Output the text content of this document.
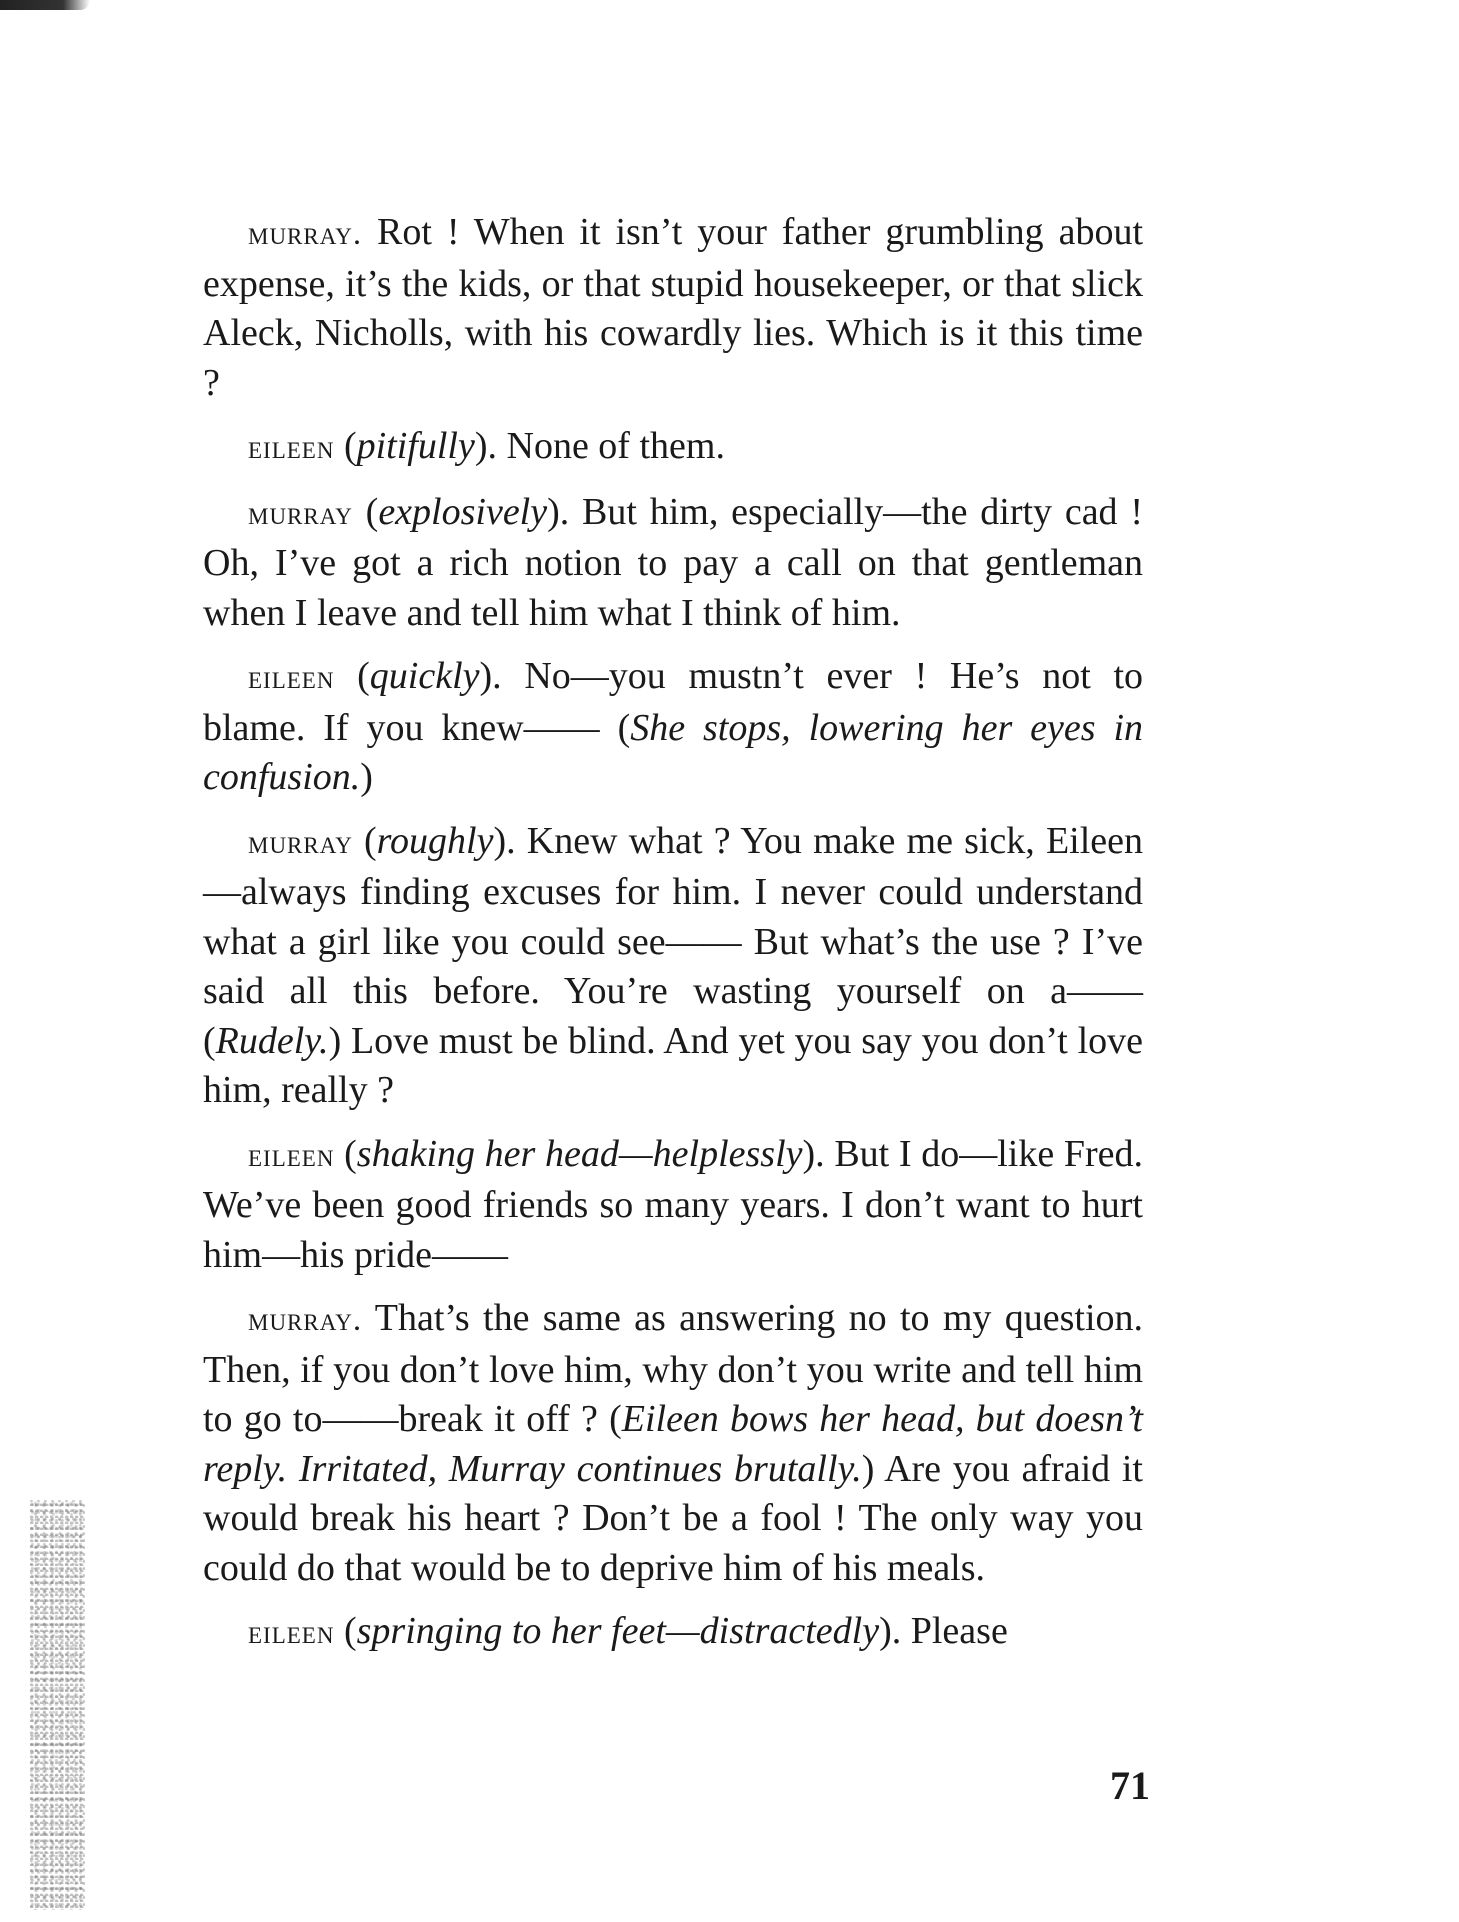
murray. Rot ! When it isn’t your father grumbling about expense, it’s the kids, or that stupid housekeeper, or that slick Aleck, Nicholls, with his cowardly lies. Which is it this time ?

eileen (pitifully). None of them.

murray (explosively). But him, especially—the dirty cad ! Oh, I’ve got a rich notion to pay a call on that gentleman when I leave and tell him what I think of him.

eileen (quickly). No—you mustn’t ever ! He’s not to blame. If you knew—— (She stops, lowering her eyes in confusion.)

murray (roughly). Knew what ? You make me sick, Eileen—always finding excuses for him. I never could understand what a girl like you could see—— But what’s the use ? I’ve said all this before. You’re wasting yourself on a—— (Rudely.) Love must be blind. And yet you say you don’t love him, really ?

eileen (shaking her head—helplessly). But I do—like Fred. We’ve been good friends so many years. I don’t want to hurt him—his pride——

murray. That’s the same as answering no to my question. Then, if you don’t love him, why don’t you write and tell him to go to——break it off ? (Eileen bows her head, but doesn’t reply. Irritated, Murray continues brutally.) Are you afraid it would break his heart ? Don’t be a fool ! The only way you could do that would be to deprive him of his meals.

eileen (springing to her feet—distractedly). Please

71
